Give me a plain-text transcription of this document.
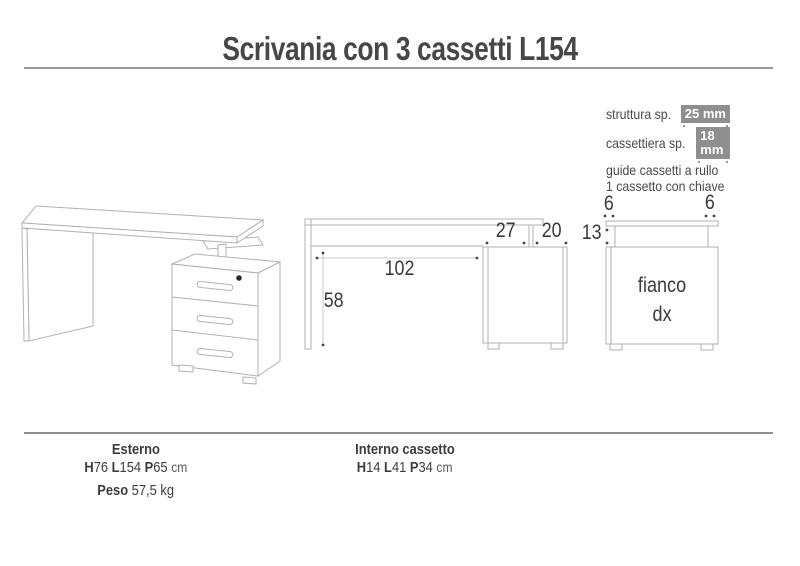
Scrivania con 3 cassetti L154
struttura sp.	25 mm
cassettiera sp.	18 mm
guide cassetti a rullo
1 cassetto con chiave
102
58
27	20 13
6	6
fianco
dx
Esterno
H76 L154 P65 cm
Peso 57,5 kg
Interno cassetto
H14 L41 P34 cm
